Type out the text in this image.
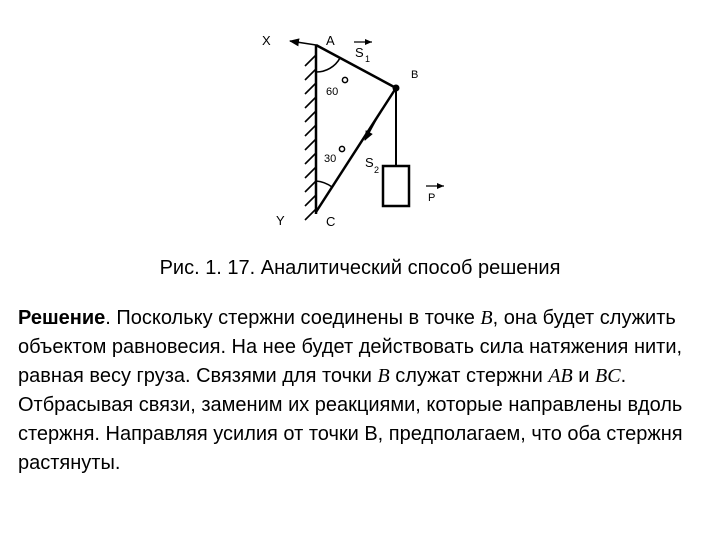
X	A
S 1
B
60
30 S 2
P
Y	C
Рис. 1. 17. Аналитический способ решения

Решение. Поскольку стержни соединены в точке B, она будет служить объектом равновесия. На нее будет действовать сила натяжения нити, равная весу груза. Связями для точки B служат стержни AB и BC. Отбрасывая связи, заменим их реакциями, которые направлены вдоль стержня. Направляя усилия от точки В, предполагаем, что оба стержня растянуты.
